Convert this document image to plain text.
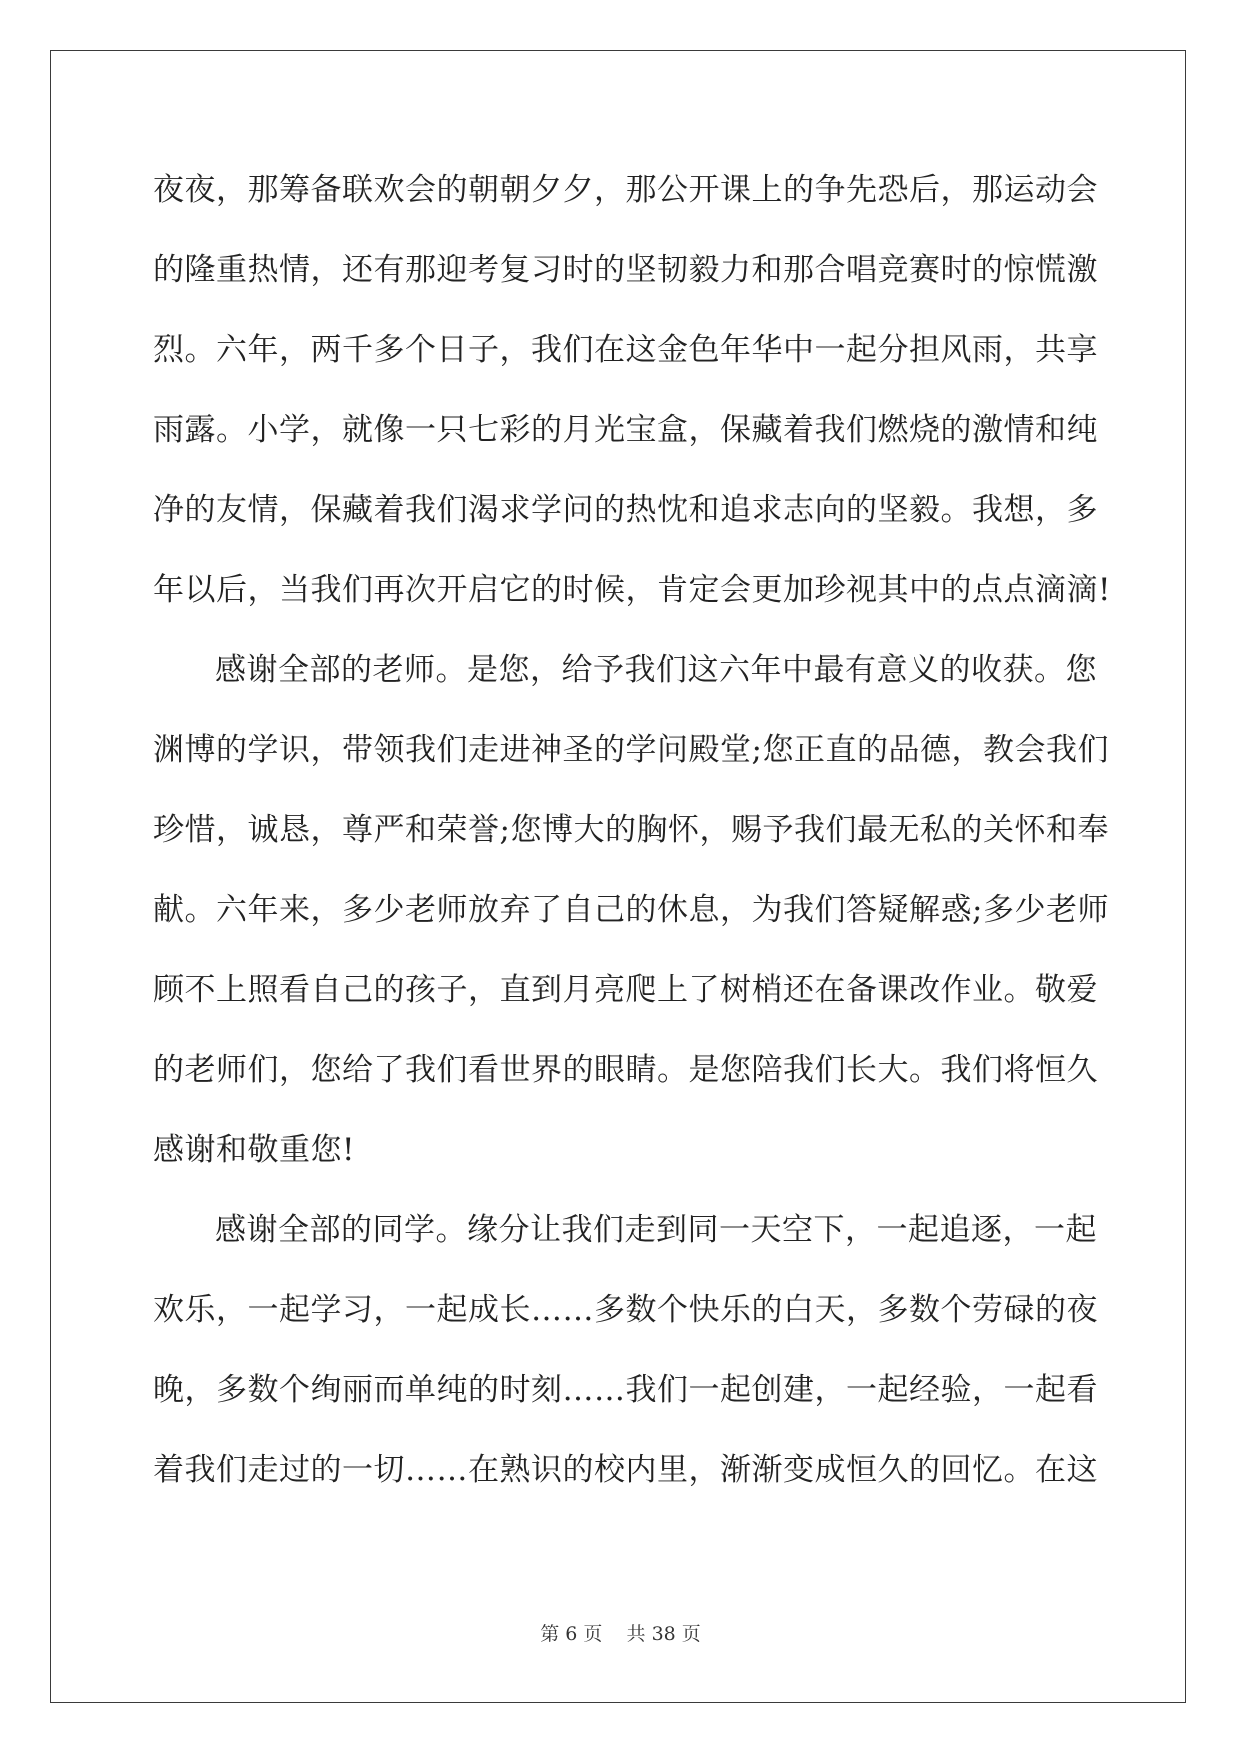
夜夜，那筹备联欢会的朝朝夕夕，那公开课上的争先恐后，那运动会
的隆重热情，还有那迎考复习时的坚韧毅力和那合唱竞赛时的惊慌激
烈。六年，两千多个日子，我们在这金色年华中一起分担风雨，共享
雨露。小学，就像一只七彩的月光宝盒，保藏着我们燃烧的激情和纯
净的友情，保藏着我们渴求学问的热忱和追求志向的坚毅。我想，多
年以后，当我们再次开启它的时候，肯定会更加珍视其中的点点滴滴!
感谢全部的老师。是您，给予我们这六年中最有意义的收获。您
渊博的学识，带领我们走进神圣的学问殿堂;您正直的品德，教会我们
珍惜，诚恳，尊严和荣誉;您博大的胸怀，赐予我们最无私的关怀和奉
献。六年来，多少老师放弃了自己的休息，为我们答疑解惑;多少老师
顾不上照看自己的孩子，直到月亮爬上了树梢还在备课改作业。敬爱
的老师们，您给了我们看世界的眼睛。是您陪我们长大。我们将恒久
感谢和敬重您!
感谢全部的同学。缘分让我们走到同一天空下，一起追逐，一起
欢乐，一起学习，一起成长……多数个快乐的白天，多数个劳碌的夜
晚，多数个绚丽而单纯的时刻……我们一起创建，一起经验，一起看
着我们走过的一切……在熟识的校内里，渐渐变成恒久的回忆。在这
第 6 页 共 38 页
